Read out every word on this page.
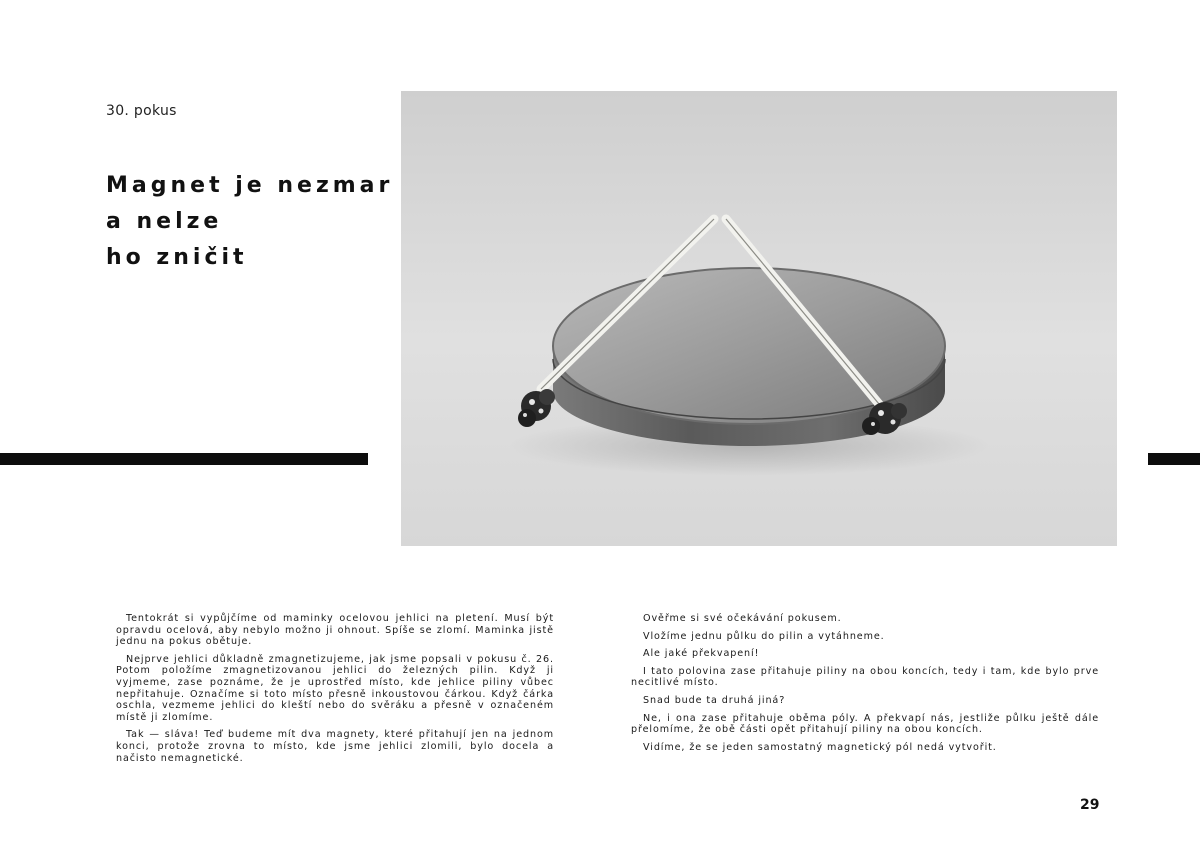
30. pokus
Magnet je nezmar
a nelze
ho zničit

Tentokrát si vypůjčíme od maminky ocelovou jehlici na pletení. Musí být opravdu ocelová, aby nebylo možno ji ohnout. Spíše se zlomí. Maminka jistě jednu na pokus obětuje.

Nejprve jehlici důkladně zmagnetizujeme, jak jsme popsali v pokusu č. 26. Potom položíme zmagnetizovanou jehlici do železných pilin. Když ji vyjmeme, zase poznáme, že je uprostřed místo, kde jehlice piliny vůbec nepřitahuje. Označíme si toto místo přesně inkoustovou čárkou. Když čárka oschla, vezmeme jehlici do kleští nebo do svěráku a přesně v označeném místě ji zlomíme.

Tak — sláva! Teď budeme mít dva magnety, které přitahují jen na jednom konci, protože zrovna to místo, kde jsme jehlici zlomili, bylo docela a načisto nemagnetické.

Ověřme si své očekávání pokusem.

Vložíme jednu půlku do pilin a vytáhneme.

Ale jaké překvapení!

I tato polovina zase přitahuje piliny na obou koncích, tedy i tam, kde bylo prve necitlivé místo.

Snad bude ta druhá jiná?

Ne, i ona zase přitahuje oběma póly. A překvapí nás, jestliže půlku ještě dále přelomíme, že obě části opět přitahují piliny na obou koncích.

Vidíme, že se jeden samostatný magnetický pól nedá vytvořit.

29
